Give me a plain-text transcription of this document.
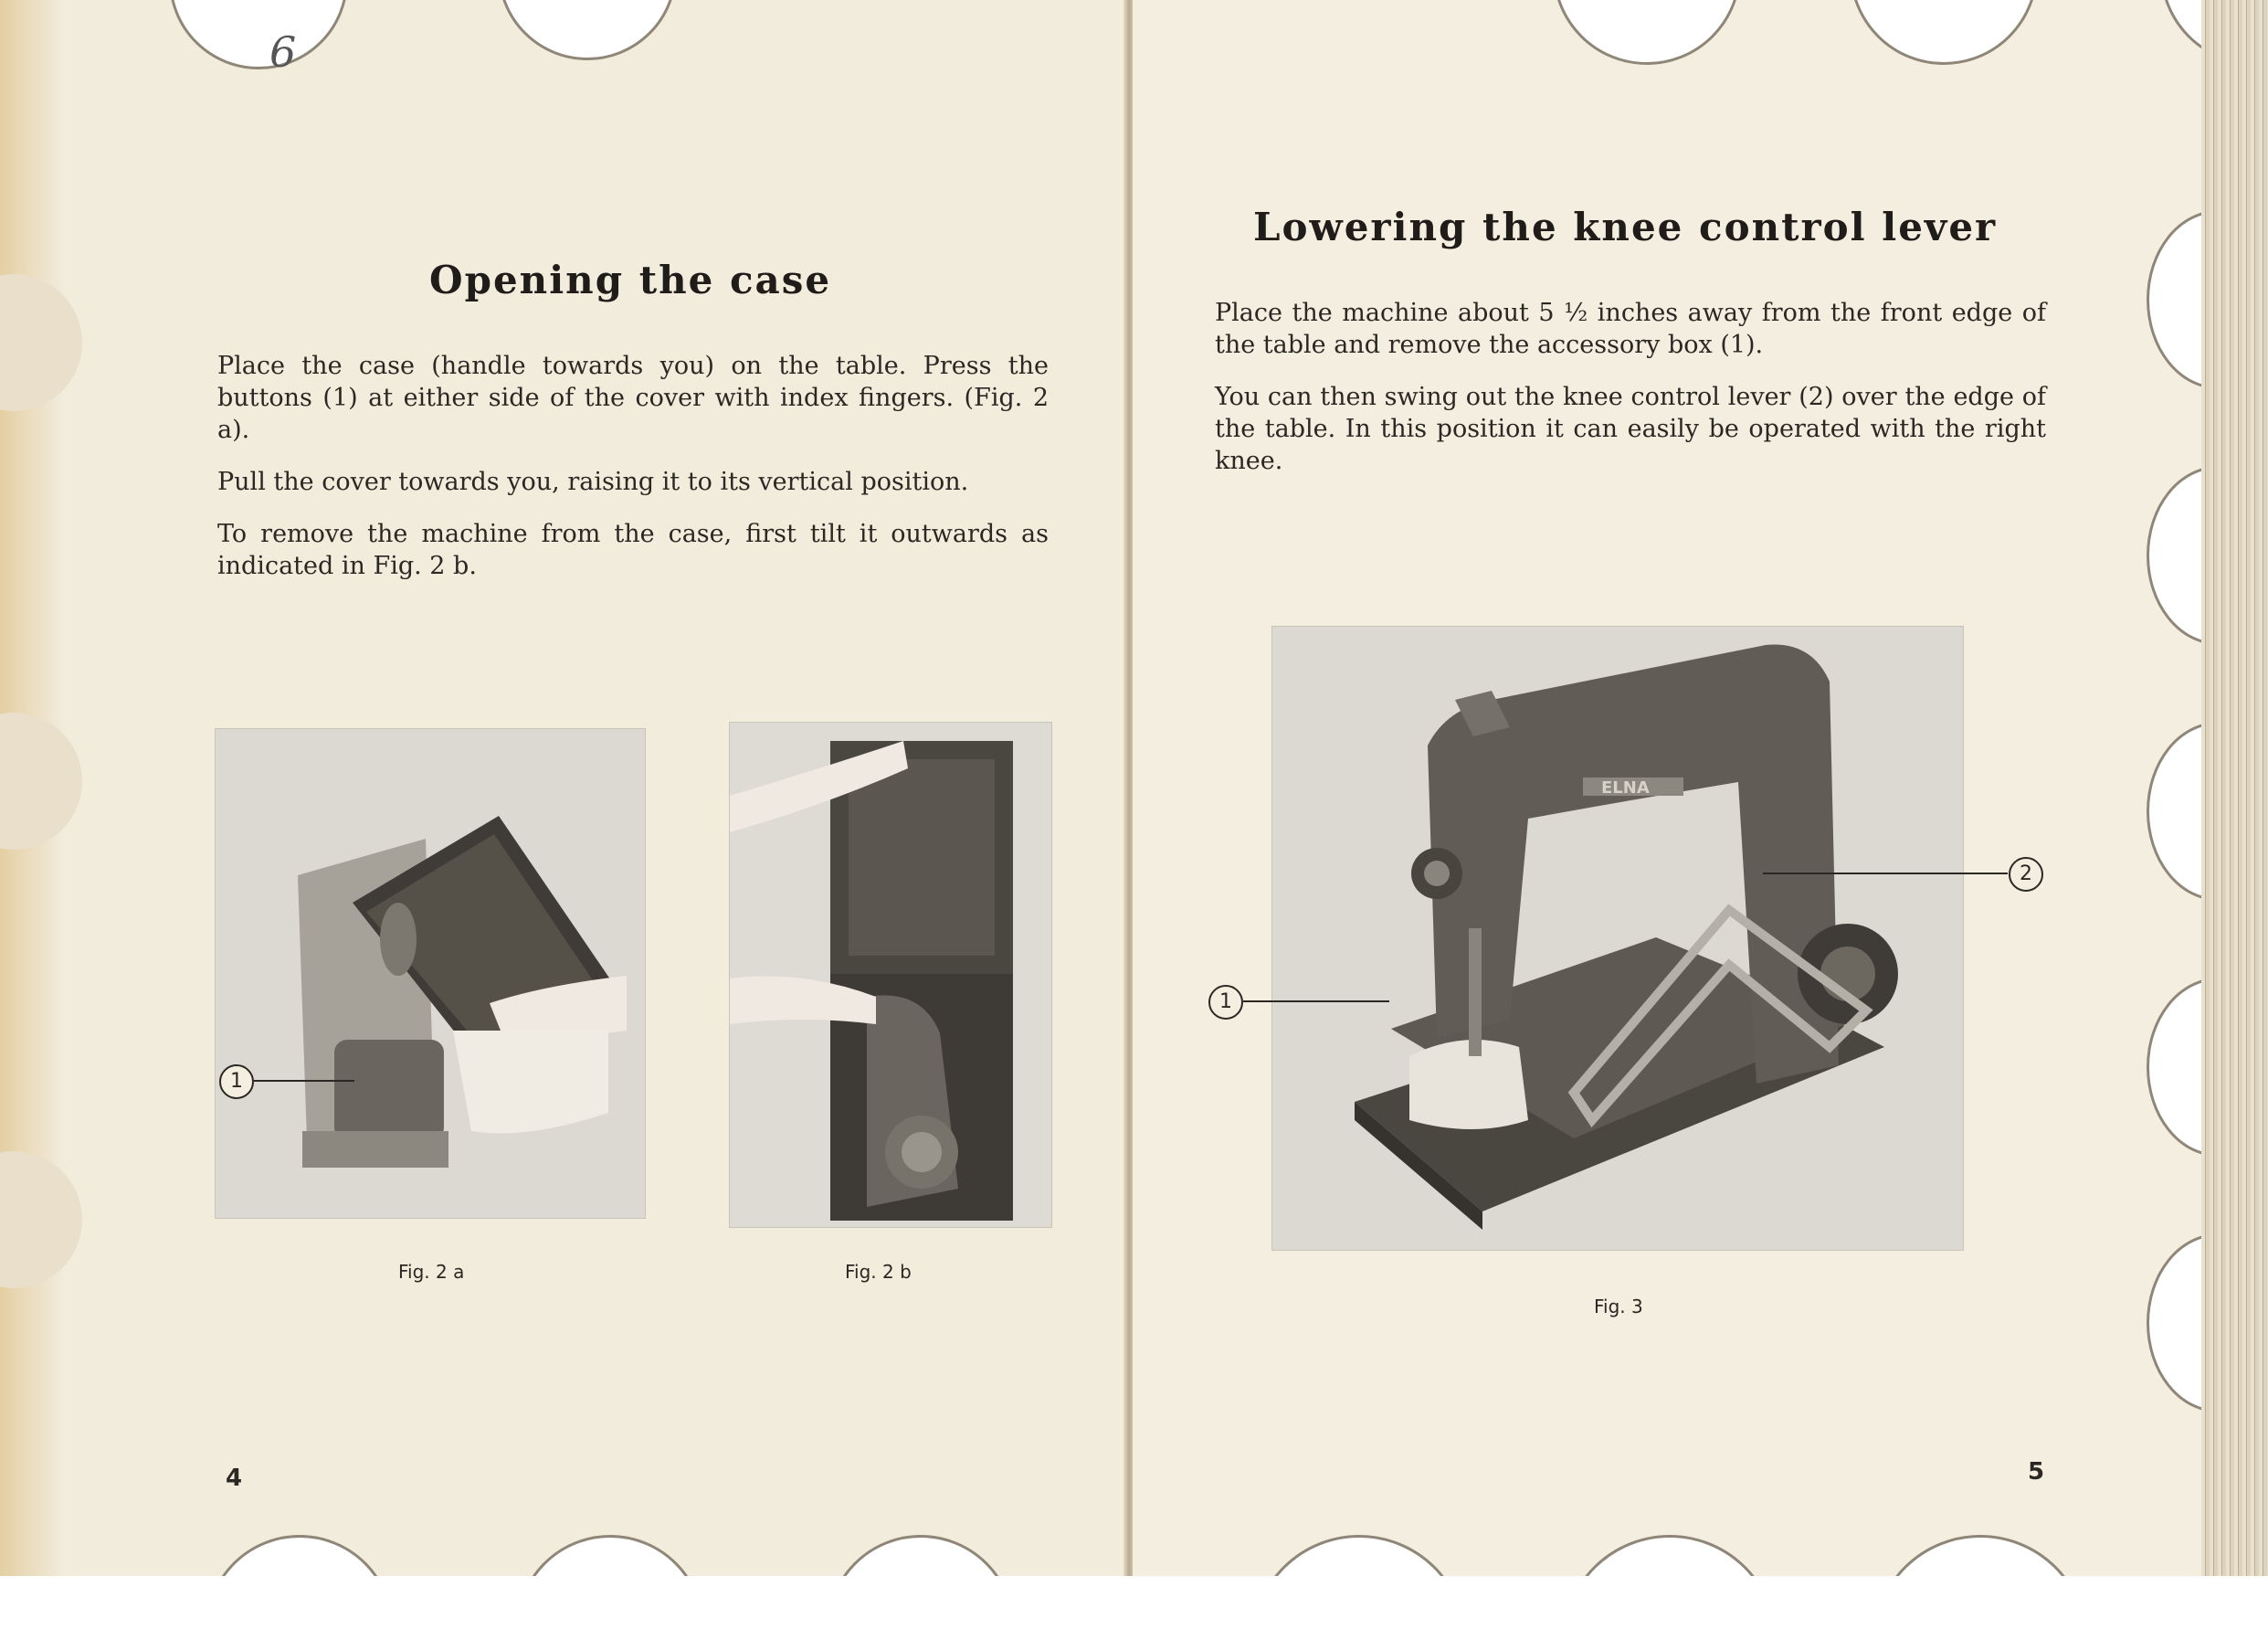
6
Opening the case

Place the case (handle towards you) on the table. Press the buttons (1) at either side of the cover with index fingers. (Fig. 2 a).

Pull the cover towards you, raising it to its vertical position.

To remove the machine from the case, first tilt it outwards as indicated in Fig. 2 b.

1
Fig. 2 a	Fig. 2 b
4
Lowering the knee control lever

Place the machine about 5 ½ inches away from the front edge of the table and remove the accessory box (1).

You can then swing out the knee control lever (2) over the edge of the table. In this position it can easily be operated with the right knee.

ELNA
1
2
Fig. 3
5
